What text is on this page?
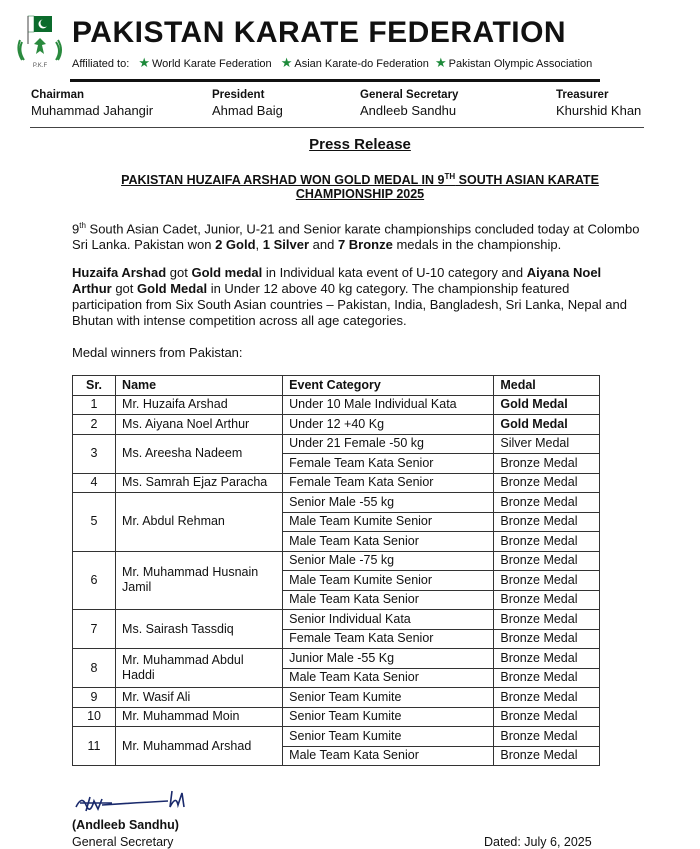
P.K.F
PAKISTAN KARATE FEDERATION
Affiliated to: ★ World Karate Federation ★ Asian Karate-do Federation ★ Pakistan Olympic Association
Chairman
Muhammad Jahangir
President
Ahmad Baig
General Secretary
Andleeb Sandhu
Treasurer
Khurshid Khan
Press Release
PAKISTAN HUZAIFA ARSHAD WON GOLD MEDAL IN 9TH SOUTH ASIAN KARATE CHAMPIONSHIP 2025
9th South Asian Cadet, Junior, U-21 and Senior karate championships concluded today at Colombo Sri Lanka. Pakistan won 2 Gold, 1 Silver and 7 Bronze medals in the championship.
Huzaifa Arshad got Gold medal in Individual kata event of U-10 category and Aiyana Noel Arthur got Gold Medal in Under 12 above 40 kg category. The championship featured participation from Six South Asian countries – Pakistan, India, Bangladesh, Sri Lanka, Nepal and Bhutan with intense competition across all age categories.
Medal winners from Pakistan:
Sr.	Name	Event Category	Medal
1	Mr. Huzaifa Arshad	Under 10 Male Individual Kata	Gold Medal
2	Ms. Aiyana Noel Arthur	Under 12 +40 Kg	Gold Medal
3	Ms. Areesha Nadeem	Under 21 Female -50 kg	Silver Medal
		Female Team Kata Senior	Bronze Medal
4	Ms. Samrah Ejaz Paracha	Female Team Kata Senior	Bronze Medal
5	Mr. Abdul Rehman	Senior Male -55 kg	Bronze Medal
		Male Team Kumite Senior	Bronze Medal
		Male Team Kata Senior	Bronze Medal
6	Mr. Muhammad Husnain Jamil	Senior Male -75 kg	Bronze Medal
		Male Team Kumite Senior	Bronze Medal
		Male Team Kata Senior	Bronze Medal
7	Ms. Sairash Tassdiq	Senior Individual Kata	Bronze Medal
		Female Team Kata Senior	Bronze Medal
8	Mr. Muhammad Abdul Haddi	Junior Male -55 Kg	Bronze Medal
		Male Team Kata Senior	Bronze Medal
9	Mr. Wasif Ali	Senior Team Kumite	Bronze Medal
10	Mr. Muhammad Moin	Senior Team Kumite	Bronze Medal
11	Mr. Muhammad Arshad	Senior Team Kumite	Bronze Medal
		Male Team Kata Senior	Bronze Medal
(Andleeb Sandhu)
General Secretary	Dated: July 6, 2025
